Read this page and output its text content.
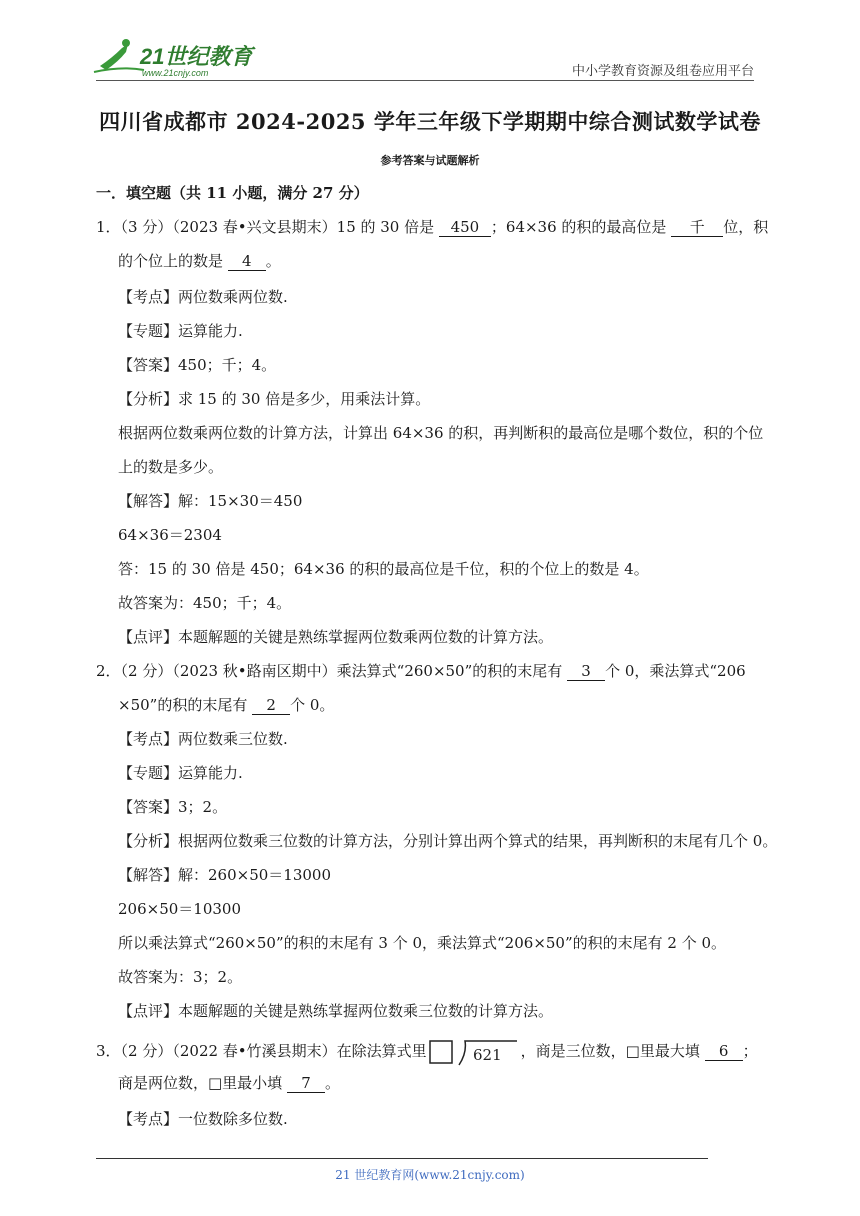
21世纪教育
www.21cnjy.com	中小学教育资源及组卷应用平台
四川省成都市 2024-2025 学年三年级下学期期中综合测试数学试卷
参考答案与试题解析
一．填空题（共 11 小题，满分 27 分）
1．（3 分）（2023 春•兴文县期末）15 的 30 倍是 450 ；64×36 的积的最高位是 千 位，积
的个位上的数是 4 。
【考点】两位数乘两位数.
【专题】运算能力.
【答案】450；千；4。
【分析】求 15 的 30 倍是多少，用乘法计算。
根据两位数乘两位数的计算方法，计算出 64×36 的积，再判断积的最高位是哪个数位，积的个位
上的数是多少。
【解答】解：15×30＝450
64×36＝2304
答：15 的 30 倍是 450；64×36 的积的最高位是千位，积的个位上的数是 4。
故答案为：450；千；4。
【点评】本题解题的关键是熟练掌握两位数乘两位数的计算方法。
2．（2 分）（2023 秋•路南区期中）乘法算式“260×50”的积的末尾有 3 个 0，乘法算式“206
×50”的积的末尾有 2 个 0。
【考点】两位数乘三位数.
【专题】运算能力.
【答案】3；2。
【分析】根据两位数乘三位数的计算方法，分别计算出两个算式的结果，再判断积的末尾有几个 0。
【解答】解：260×50＝13000
206×50＝10300
所以乘法算式“260×50”的积的末尾有 3 个 0，乘法算式“206×50”的积的末尾有 2 个 0。
故答案为：3；2。
【点评】本题解题的关键是熟练掌握两位数乘三位数的计算方法。
3．（2 分）（2022 春•竹溪县期末）在除法算式里	621 ，商是三位数，□里最大填 6 ；
商是两位数，□里最小填 7 。
【考点】一位数除多位数.
21 世纪教育网(www.21cnjy.com)
